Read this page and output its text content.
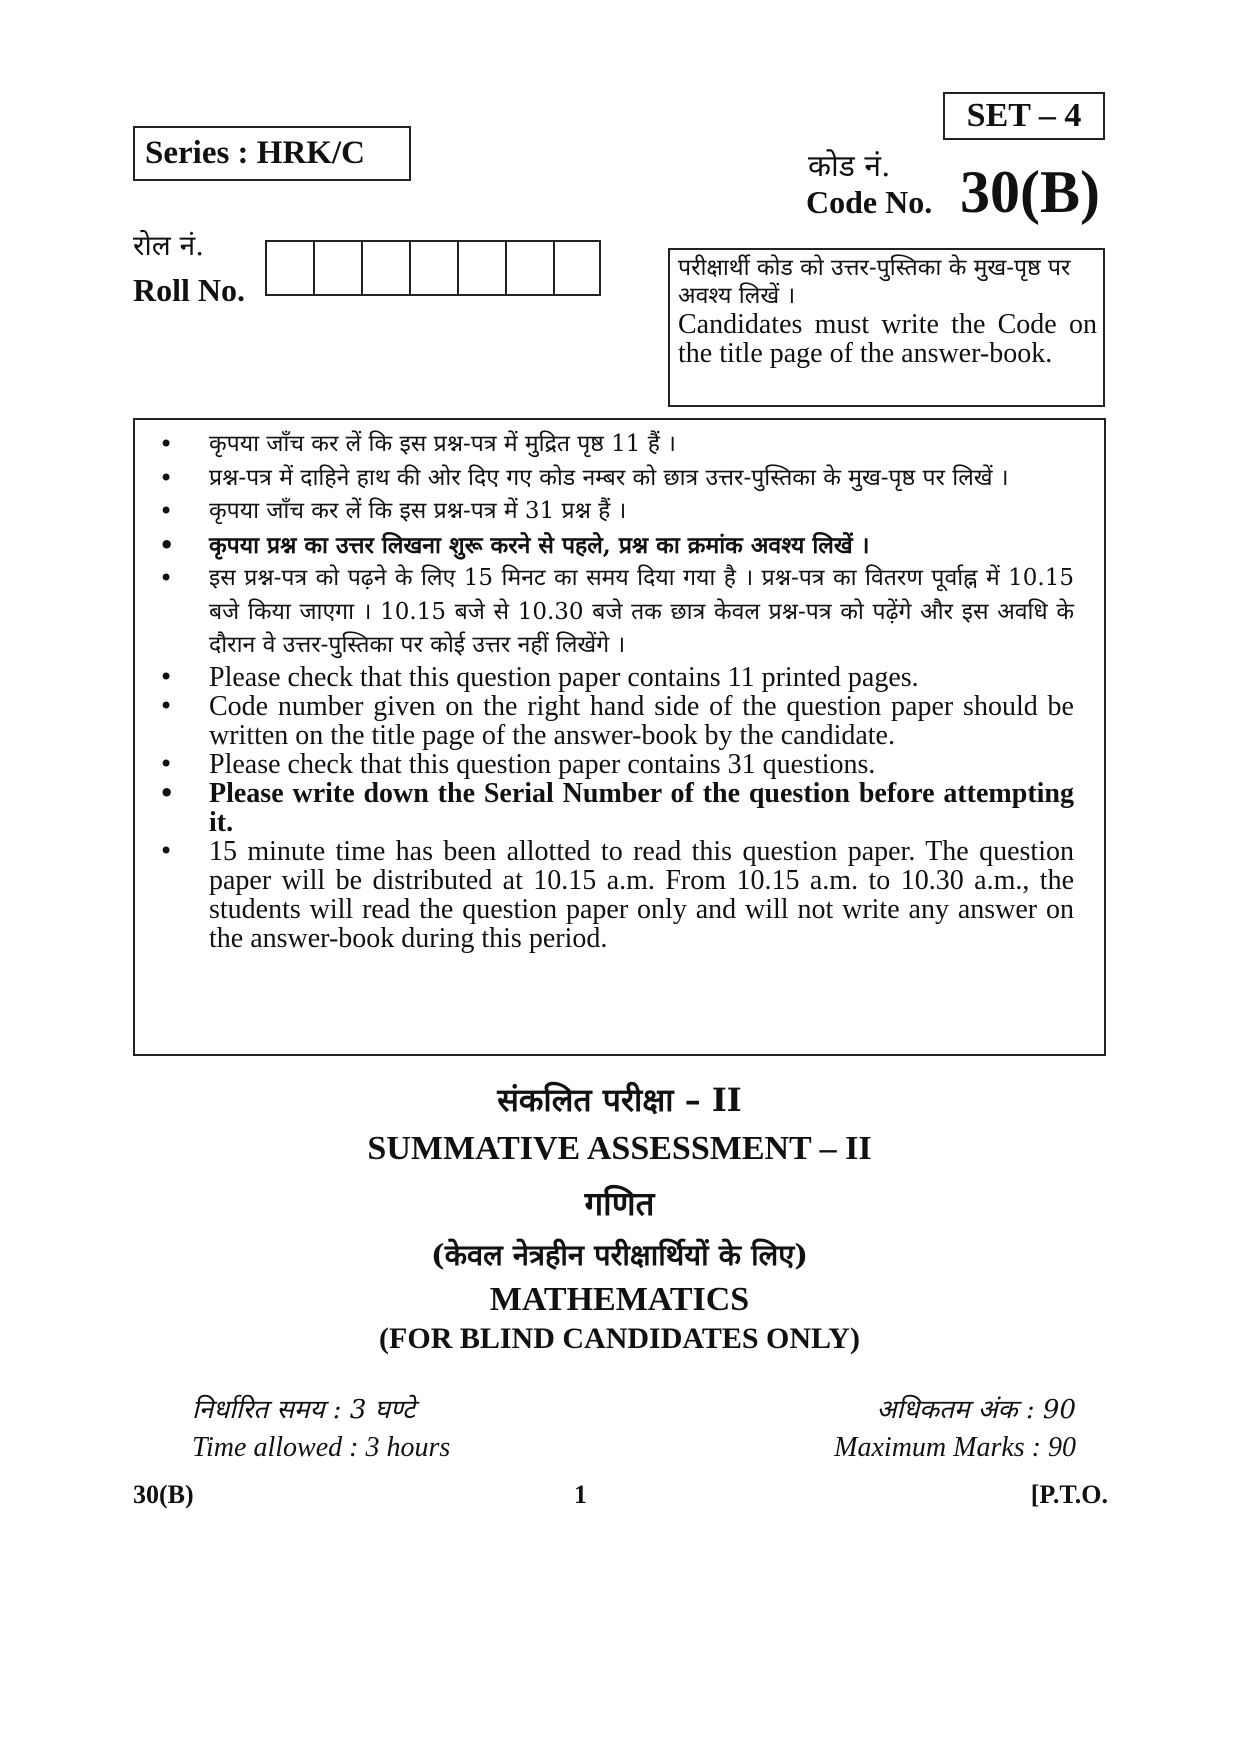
SET – 4
Series : HRK/C	कोड नं.
Code No. 30(B)
रोल नं.
Roll No.
परीक्षार्थी कोड को उत्तर-पुस्तिका के मुख-पृष्ठ पर अवश्य लिखें ।
Candidates must write the Code on the title page of the answer-book.
• कृपया जाँच कर लें कि इस प्रश्न-पत्र में मुद्रित पृष्ठ 11 हैं ।
• प्रश्न-पत्र में दाहिने हाथ की ओर दिए गए कोड नम्बर को छात्र उत्तर-पुस्तिका के मुख-पृष्ठ पर लिखें ।
• कृपया जाँच कर लें कि इस प्रश्न-पत्र में 31 प्रश्न हैं ।
• कृपया प्रश्न का उत्तर लिखना शुरू करने से पहले, प्रश्न का क्रमांक अवश्य लिखें ।
• इस प्रश्न-पत्र को पढ़ने के लिए 15 मिनट का समय दिया गया है । प्रश्न-पत्र का वितरण पूर्वाह्न में 10.15 बजे किया जाएगा । 10.15 बजे से 10.30 बजे तक छात्र केवल प्रश्न-पत्र को पढ़ेंगे और इस अवधि के दौरान वे उत्तर-पुस्तिका पर कोई उत्तर नहीं लिखेंगे ।
• Please check that this question paper contains 11 printed pages.
• Code number given on the right hand side of the question paper should be written on the title page of the answer-book by the candidate.
• Please check that this question paper contains 31 questions.
• Please write down the Serial Number of the question before attempting it.
• 15 minute time has been allotted to read this question paper. The question paper will be distributed at 10.15 a.m. From 10.15 a.m. to 10.30 a.m., the students will read the question paper only and will not write any answer on the answer-book during this period.
संकलित परीक्षा – II
SUMMATIVE ASSESSMENT – II
गणित
(केवल नेत्रहीन परीक्षार्थियों के लिए)
MATHEMATICS
(FOR BLIND CANDIDATES ONLY)
निर्धारित समय : 3 घण्टे
Time allowed : 3 hours
अधिकतम अंक : 90
Maximum Marks : 90
30(B)	1	[P.T.O.
